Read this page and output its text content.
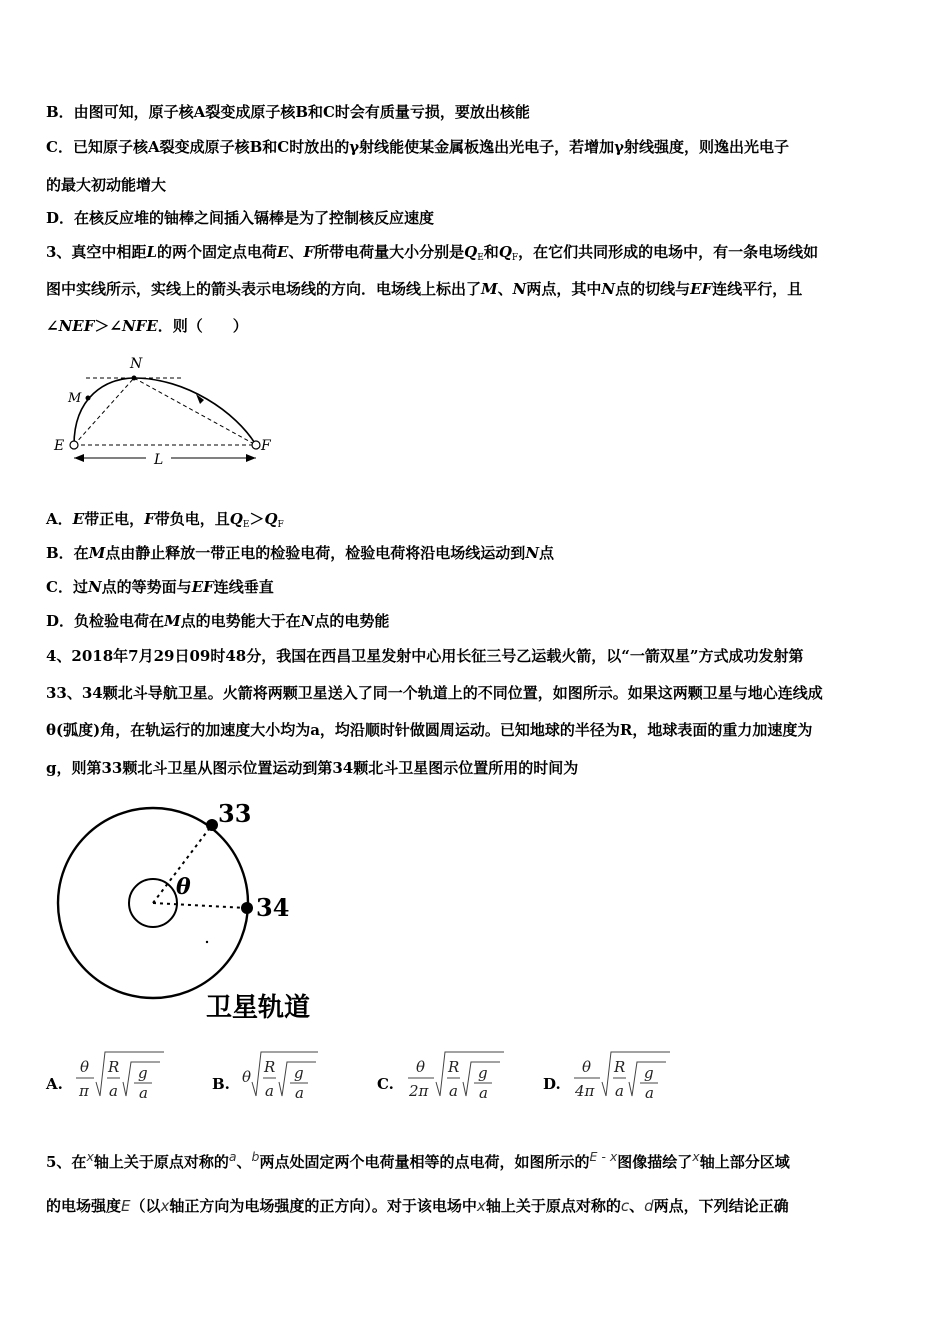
B．由图可知，原子核A裂变成原子核B和C时会有质量亏损，要放出核能
C．已知原子核A裂变成原子核B和C时放出的γ射线能使某金属板逸出光电子，若增加γ射线强度，则逸出光电子
的最大初动能增大
D．在核反应堆的铀棒之间插入镉棒是为了控制核反应速度
3、真空中相距L的两个固定点电荷E、F所带电荷量大小分别是$Q_E$和$Q_F$，在它们共同形成的电场中，有一条电场线如
图中实线所示，实线上的箭头表示电场线的方向．电场线上标出了M、N两点，其中N点的切线与EF连线平行，且
∠NEF＞∠NFE．则（　　）
N
M
E	F
L
A．E带正电，F带负电，且$Q_E>Q_F$
B．在M点由静止释放一带正电的检验电荷，检验电荷将沿电场线运动到N点
C．过N点的等势面与EF连线垂直
D．负检验电荷在M点的电势能大于在N点的电势能
4、2018年7月29日09时48分，我国在西昌卫星发射中心用长征三号乙运载火箭，以“一箭双星”方式成功发射第
33、34颗北斗导航卫星。火箭将两颗卫星送入了同一个轨道上的不同位置，如图所示。如果这两颗卫星与地心连线成
θ(弧度)角，在轨运行的加速度大小均为a，均沿顺时针做圆周运动。已知地球的半径为R，地球表面的重力加速度为
g，则第33颗北斗卫星从图示位置运动到第34颗北斗卫星图示位置所用的时间为
33
34
θ
卫星轨道
A.
θ
π
R
a
g
a	B. θ
R
a
g
a	C.
θ
2π
R
a
g
a	D.
θ
4π
R
a
g
a
5、在$^x$轴上关于原点对称的$^a$、$^b$两点处固定两个电荷量相等的点电荷，如图所示的$^{E - x}$图像描绘了$^x$轴上部分区域
的电场强度E（以x轴正方向为电场强度的正方向）。对于该电场中x轴上关于原点对称的c、d两点，下列结论正确
